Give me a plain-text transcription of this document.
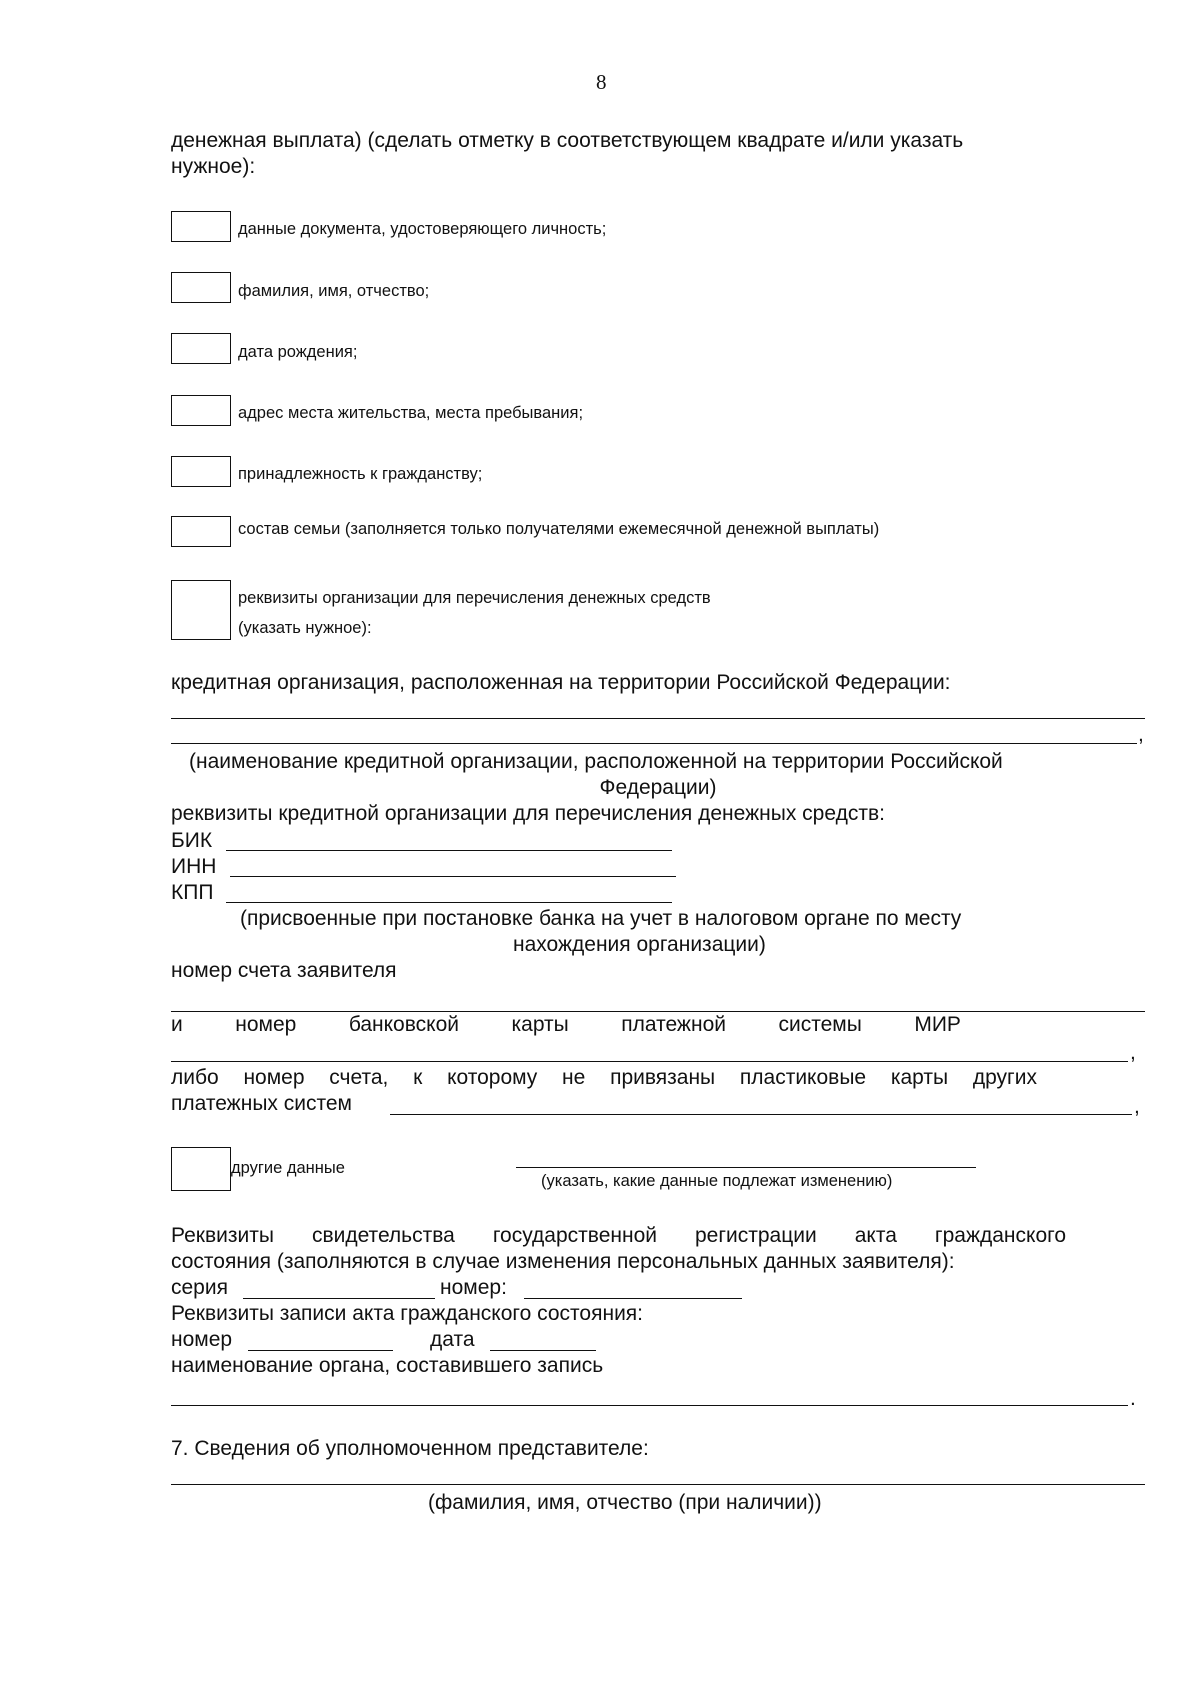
8
денежная выплата) (сделать отметку в соответствующем квадрате и/или указать
нужное):
данные документа, удостоверяющего личность;
фамилия, имя, отчество;
дата рождения;
адрес места жительства, места пребывания;
принадлежность к гражданству;
состав семьи (заполняется только получателями ежемесячной денежной выплаты)
реквизиты организации для перечисления денежных средств
(указать нужное):
кредитная организация, расположенная на территории Российской Федерации:
,
(наименование кредитной организации, расположенной на территории Российской
Федерации)
реквизиты кредитной организации для перечисления денежных средств:
БИК
ИНН
КПП
(присвоенные при постановке банка на учет в налоговом органе по месту
нахождения организации)
номер счета заявителя
и	номер	банковской	карты	платежной	системы	МИР
,
либо номер счета, к которому не привязаны пластиковые карты других
платежных систем	,
другие данные
(указать, какие данные подлежат изменению)
Реквизиты свидетельства государственной регистрации акта гражданского
состояния (заполняются в случае изменения персональных данных заявителя):
серия	номер:
Реквизиты записи акта гражданского состояния:
номер	дата
наименование органа, составившего запись
.
7. Сведения об уполномоченном представителе:
(фамилия, имя, отчество (при наличии))
